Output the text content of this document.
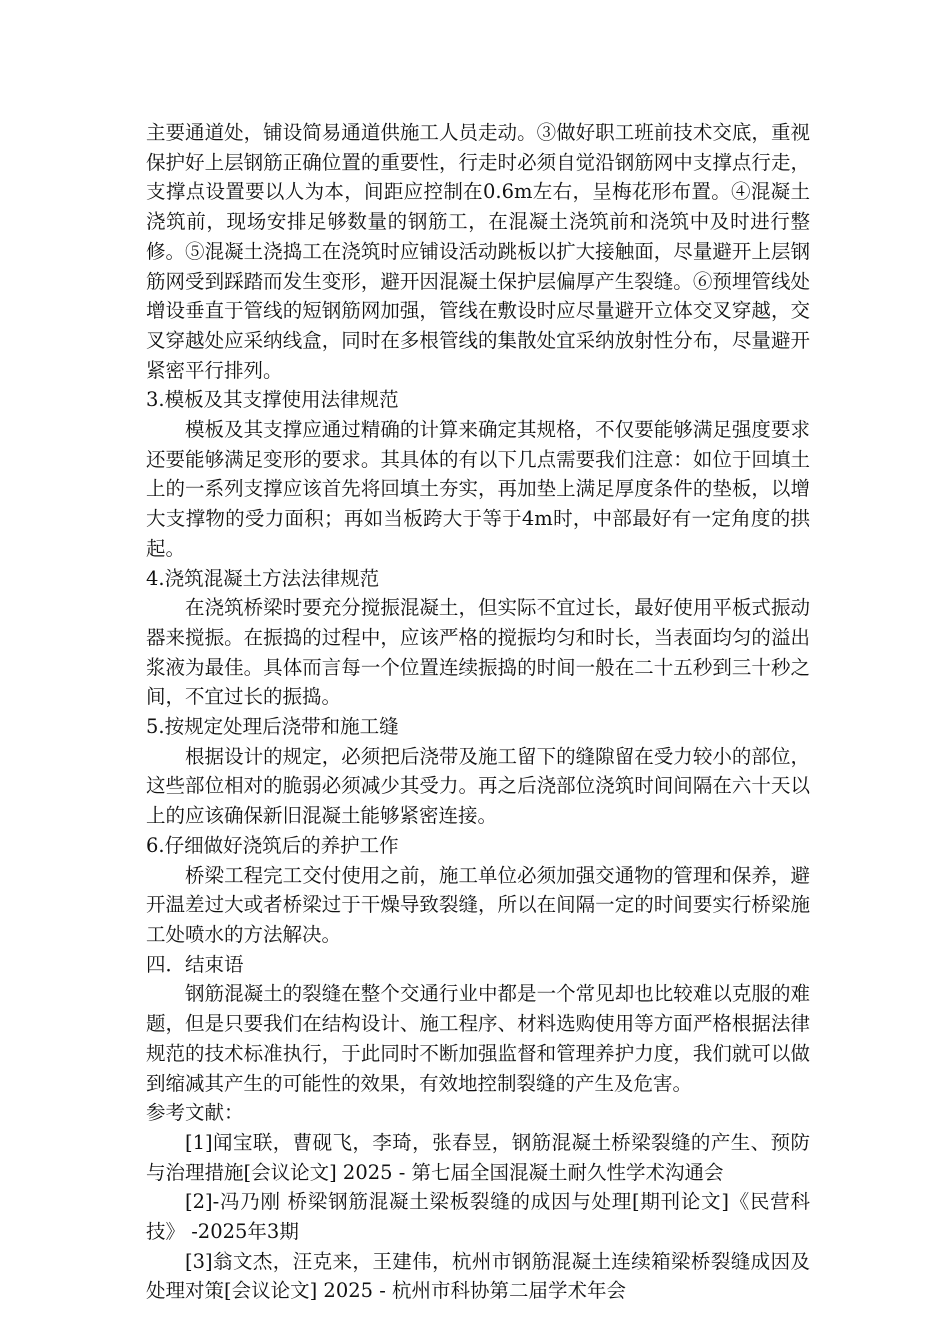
主要通道处，铺设简易通道供施工人员走动。③做好职工班前技术交底，重视保护好上层钢筋正确位置的重要性，行走时必须自觉沿钢筋网中支撑点行走，支撑点设置要以人为本，间距应控制在0.6m左右，呈梅花形布置。④混凝土浇筑前，现场安排足够数量的钢筋工，在混凝土浇筑前和浇筑中及时进行整修。⑤混凝土浇捣工在浇筑时应铺设活动跳板以扩大接触面，尽量避开上层钢筋网受到踩踏而发生变形，避开因混凝土保护层偏厚产生裂缝。⑥预埋管线处增设垂直于管线的短钢筋网加强，管线在敷设时应尽量避开立体交叉穿越，交叉穿越处应采纳线盒，同时在多根管线的集散处宜采纳放射性分布，尽量避开紧密平行排列。

3.模板及其支撑使用法律规范

模板及其支撑应通过精确的计算来确定其规格，不仅要能够满足强度要求还要能够满足变形的要求。其具体的有以下几点需要我们注意：如位于回填土上的一系列支撑应该首先将回填土夯实，再加垫上满足厚度条件的垫板，以增大支撑物的受力面积；再如当板跨大于等于4m时，中部最好有一定角度的拱起。

4.浇筑混凝土方法法律规范

在浇筑桥梁时要充分搅振混凝土，但实际不宜过长，最好使用平板式振动器来搅振。在振捣的过程中，应该严格的搅振均匀和时长，当表面均匀的溢出浆液为最佳。具体而言每一个位置连续振捣的时间一般在二十五秒到三十秒之间，不宜过长的振捣。

5.按规定处理后浇带和施工缝

根据设计的规定，必须把后浇带及施工留下的缝隙留在受力较小的部位，这些部位相对的脆弱必须减少其受力。再之后浇部位浇筑时间间隔在六十天以上的应该确保新旧混凝土能够紧密连接。

6.仔细做好浇筑后的养护工作

桥梁工程完工交付使用之前，施工单位必须加强交通物的管理和保养，避开温差过大或者桥梁过于干燥导致裂缝，所以在间隔一定的时间要实行桥梁施工处喷水的方法解决。

四．结束语

钢筋混凝土的裂缝在整个交通行业中都是一个常见却也比较难以克服的难题，但是只要我们在结构设计、施工程序、材料选购使用等方面严格根据法律规范的技术标准执行，于此同时不断加强监督和管理养护力度，我们就可以做到缩减其产生的可能性的效果，有效地控制裂缝的产生及危害。

参考文献：

[1]闻宝联，曹砚飞，李琦，张春昱，钢筋混凝土桥梁裂缝的产生、预防与治理措施[会议论文] 2025 - 第七届全国混凝土耐久性学术沟通会

[2]-冯乃刚 桥梁钢筋混凝土梁板裂缝的成因与处理[期刊论文]《民营科技》 -2025年3期

[3]翁文杰，汪克来，王建伟，杭州市钢筋混凝土连续箱梁桥裂缝成因及处理对策[会议论文] 2025 - 杭州市科协第二届学术年会
